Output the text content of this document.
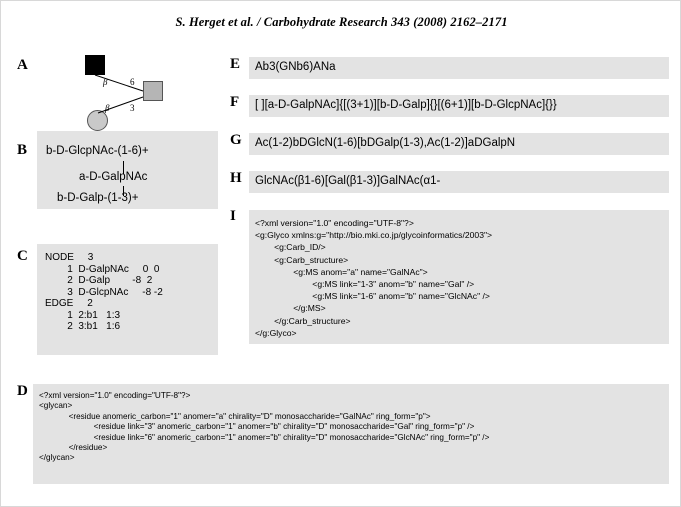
S. Herget et al. / Carbohydrate Research 343 (2008) 2162–2171
A
β	6
β 3
B b-D-GlcpNAc-(1-6)+
a-D-GalpNAc
b-D-Galp-(1-3)+
C NODE     3
1  D-GalpNAc     0  0
2  D-Galp        -8  2
3  D-GlcpNAc     -8 -2
EDGE     2
1  2:b1   1:3
2  3:b1   1:6
D <?xml version="1.0" encoding="UTF-8"?>
<glycan>
<residue anomeric_carbon="1" anomer="a" chirality="D" monosaccharide="GalNAc" ring_form="p">
<residue link="3" anomeric_carbon="1" anomer="b" chirality="D" monosaccharide="Gal" ring_form="p" />
<residue link="6" anomeric_carbon="1" anomer="b" chirality="D" monosaccharide="GlcNAc" ring_form="p" />
</residue>
</glycan>
E	Ab3(GNb6)ANa
F	[ ][a-D-GalpNAc]{[(3+1)][b-D-Galp]{}[(6+1)][b-D-GlcpNAc]{}}
G	Ac(1-2)bDGlcN(1-6)[bDGalp(1-3),Ac(1-2)]aDGalpN
H	GlcNAc(β1-6)[Gal(β1-3)]GalNAc(α1-
I <?xml version="1.0" encoding="UTF-8"?>
<g:Glyco xmlns:g="http://bio.mki.co.jp/glycoinformatics/2003">
<g:Carb_ID/>
<g:Carb_structure>
<g:MS anom="a" name="GalNAc">
<g:MS link="1-3" anom="b" name="Gal" />
<g:MS link="1-6" anom="b" name="GlcNAc" />
</g:MS>
</g:Carb_structure>
</g:Glyco>
